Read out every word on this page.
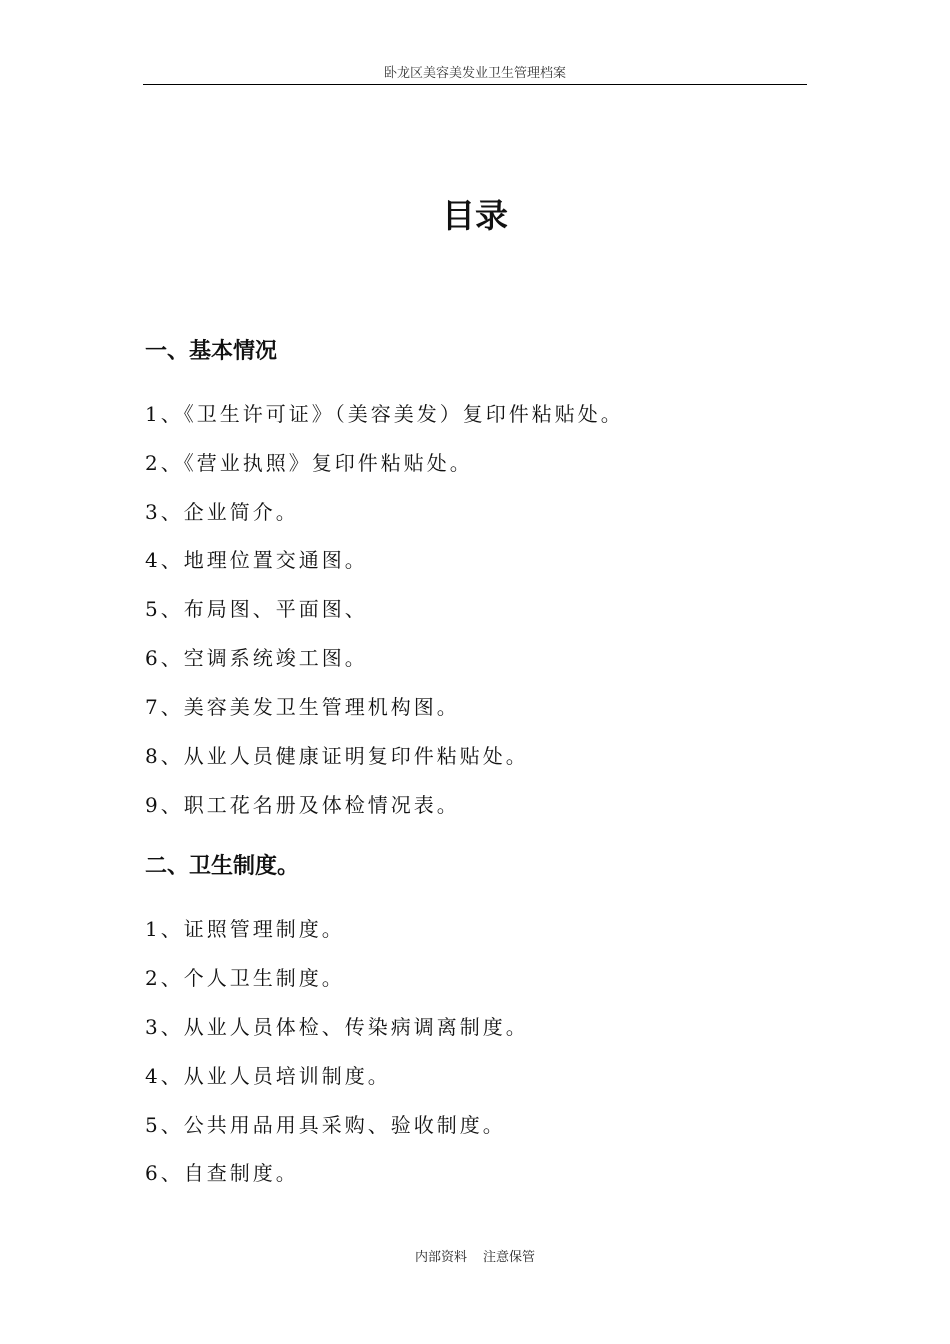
卧龙区美容美发业卫生管理档案
目录
一、基本情况

1、《卫生许可证》（美容美发）复印件粘贴处。

2、《营业执照》复印件粘贴处。

3、企业简介。

4、地理位置交通图。

5、布局图、平面图、

6、空调系统竣工图。

7、美容美发卫生管理机构图。

8、从业人员健康证明复印件粘贴处。

9、职工花名册及体检情况表。

二、卫生制度。

1、证照管理制度。

2、个人卫生制度。

3、从业人员体检、传染病调离制度。

4、从业人员培训制度。

5、公共用品用具采购、验收制度。

6、自查制度。

内部资料 注意保管
